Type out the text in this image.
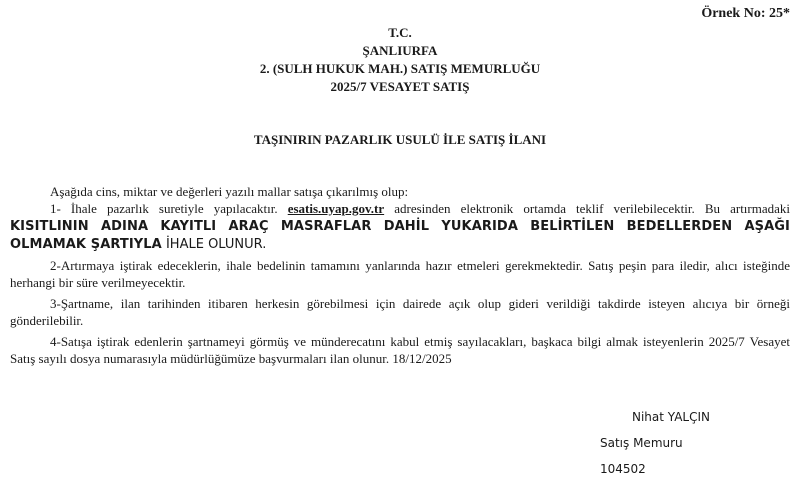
Örnek No: 25*
T.C.
ŞANLIURFA
2. (SULH HUKUK MAH.) SATIŞ MEMURLUĞU
2025/7 VESAYET SATIŞ
TAŞINIRIN PAZARLIK USULÜ İLE SATIŞ İLANI

Aşağıda cins, miktar ve değerleri yazılı mallar satışa çıkarılmış olup:

1- İhale pazarlık suretiyle yapılacaktır. esatis.uyap.gov.tr adresinden elektronik ortamda teklif verilebilecektir. Bu artırmadaki KISITLININ ADINA KAYITLI ARAÇ MASRAFLAR DAHİL YUKARIDA BELİRTİLEN BEDELLERDEN AŞAĞI OLMAMAK ŞARTIYLA İHALE OLUNUR.

2-Artırmaya iştirak edeceklerin, ihale bedelinin tamamını yanlarında hazır etmeleri gerekmektedir. Satış peşin para iledir, alıcı isteğinde herhangi bir süre verilmeyecektir.

3-Şartname, ilan tarihinden itibaren herkesin görebilmesi için dairede açık olup gideri verildiği takdirde isteyen alıcıya bir örneği gönderilebilir.

4-Satışa iştirak edenlerin şartnameyi görmüş ve münderecatını kabul etmiş sayılacakları, başkaca bilgi almak isteyenlerin 2025/7 Vesayet Satış sayılı dosya numarasıyla müdürlüğümüze başvurmaları ilan olunur. 18/12/2025

Nihat YALÇIN
Satış Memuru 104502
